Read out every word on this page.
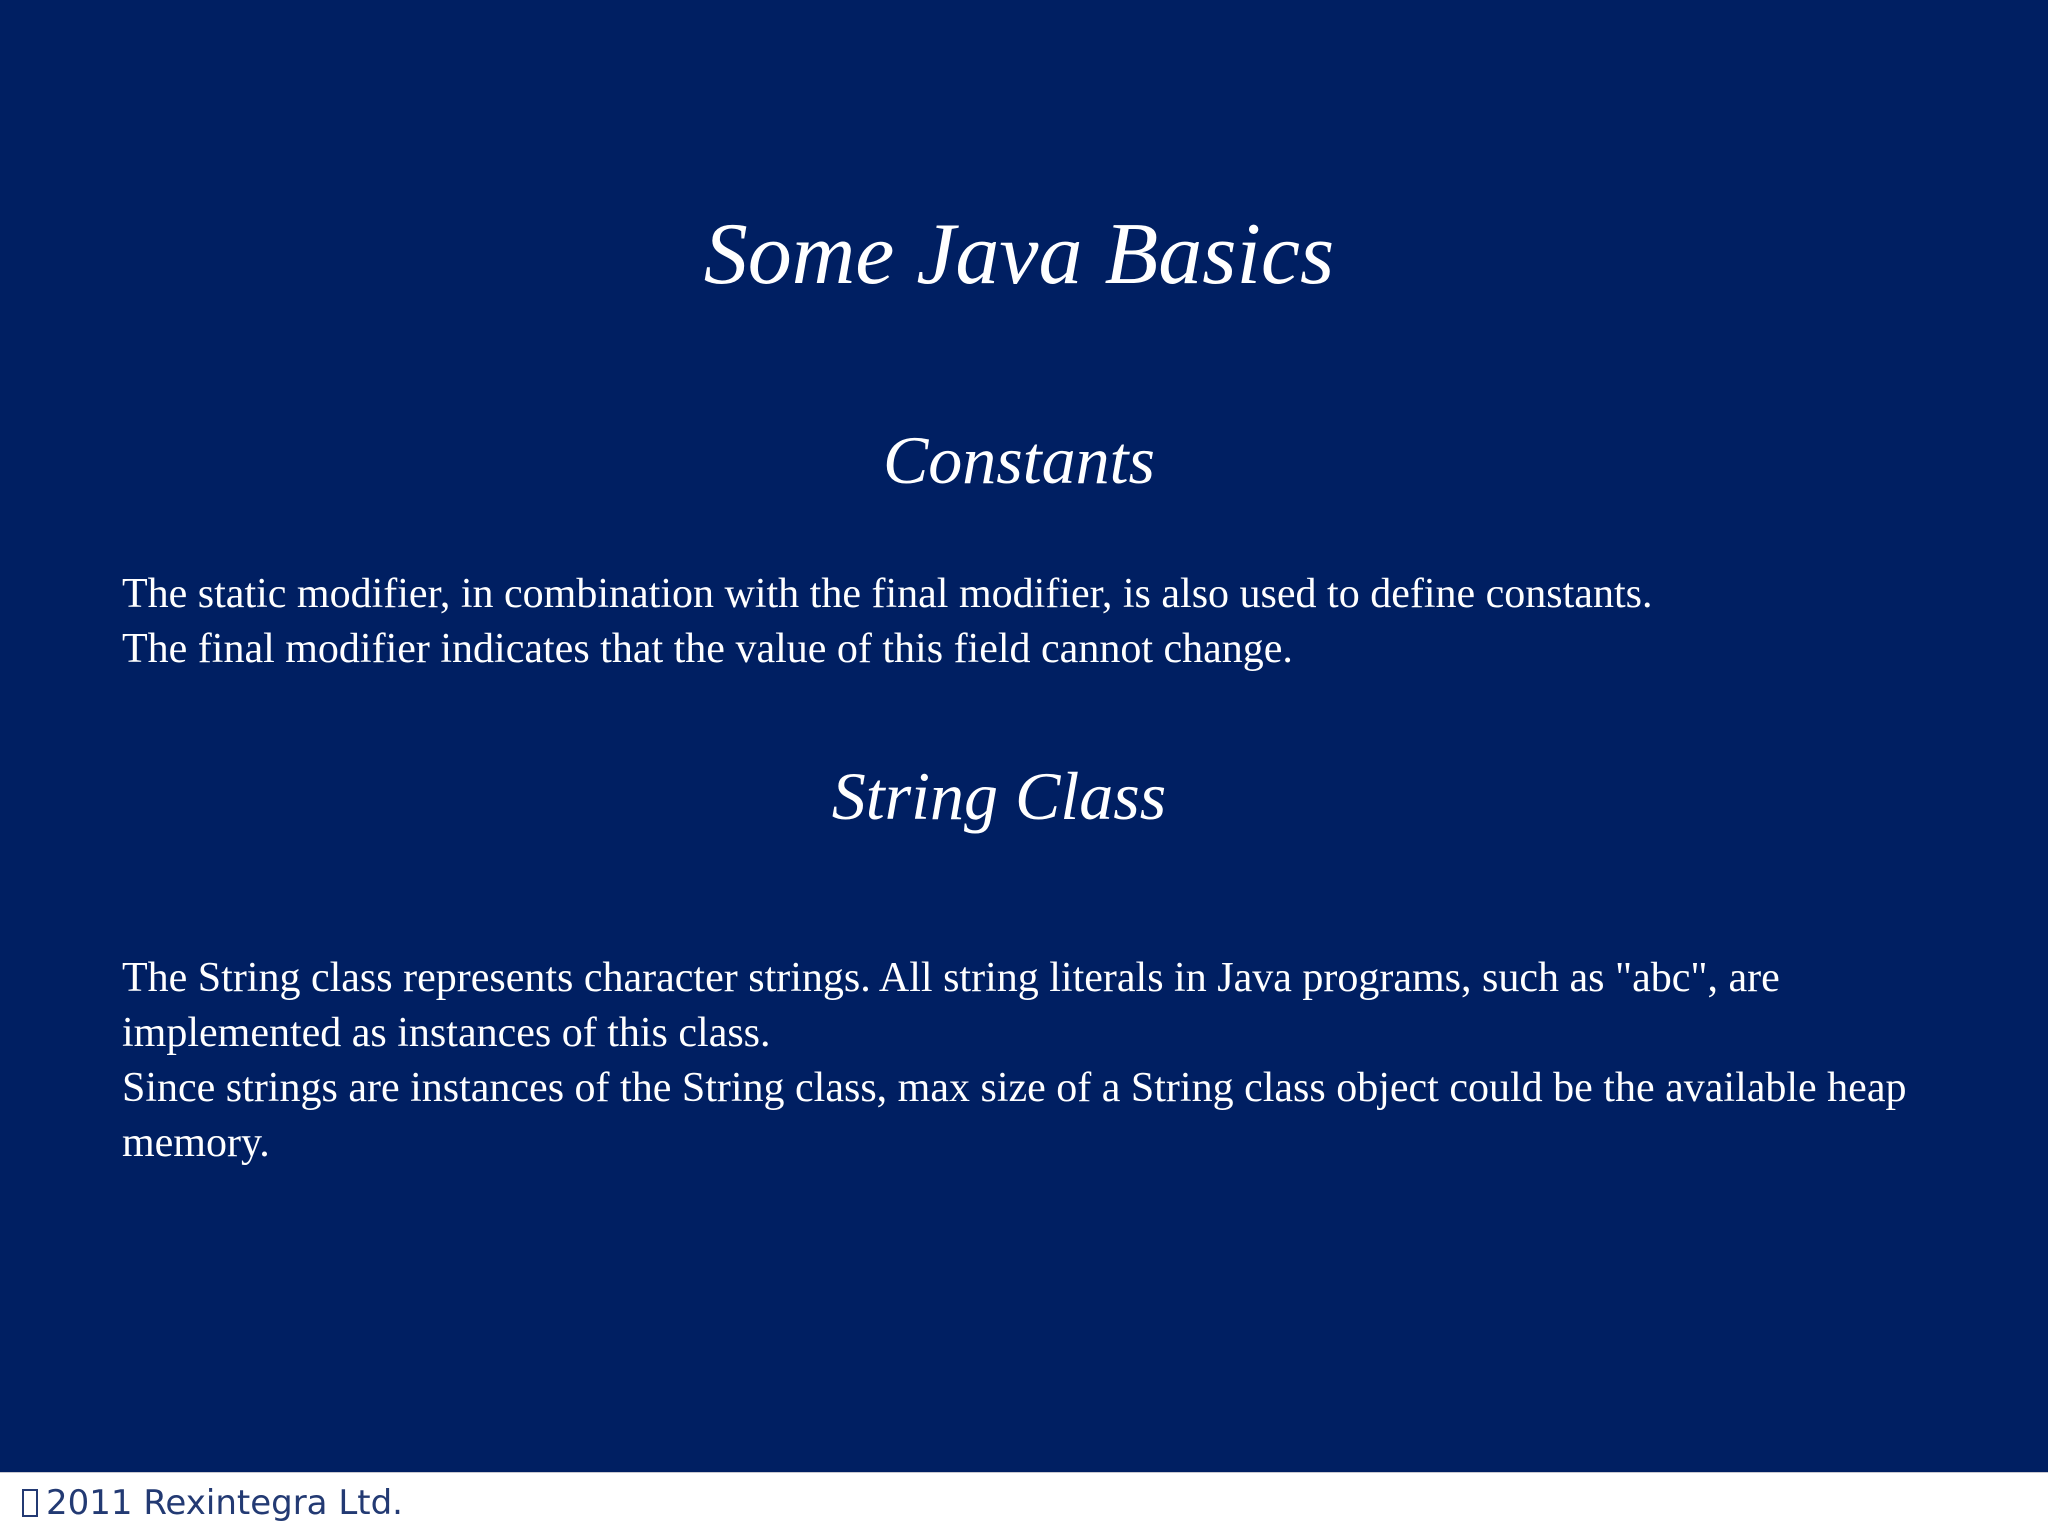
Some Java Basics
Constants

The static modifier, in combination with the final modifier, is also used to define constants.
The final modifier indicates that the value of this field cannot change.

String Class

The String class represents character strings. All string literals in Java programs, such as "abc", are implemented as instances of this class.
Since strings are instances of the String class, max size of a String class object could be the available heap memory.

2011 Rexintegra Ltd.
